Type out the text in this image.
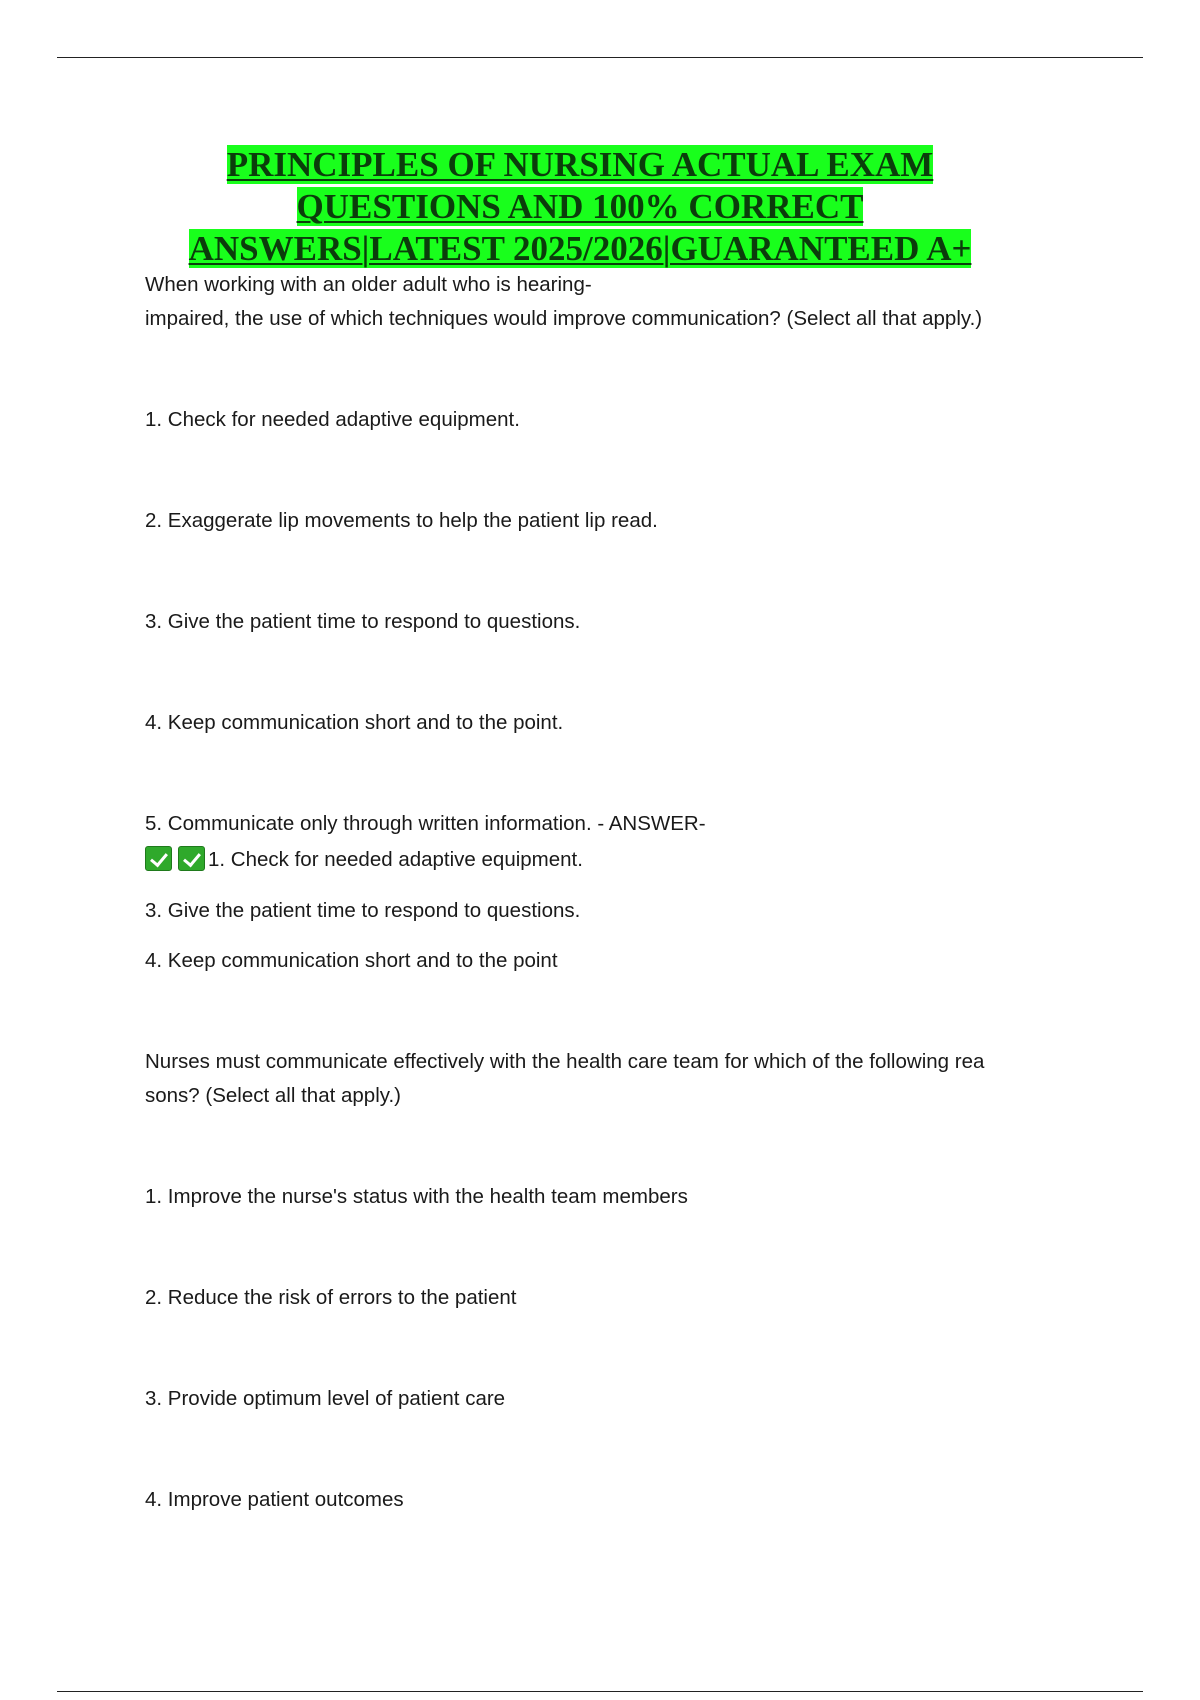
PRINCIPLES OF NURSING ACTUAL EXAM
QUESTIONS AND 100% CORRECT
ANSWERS|LATEST 2025/2026|GUARANTEED A+
When working with an older adult who is hearing-
impaired, the use of which techniques would improve communication? (Select all that apply.)
1. Check for needed adaptive equipment.
2. Exaggerate lip movements to help the patient lip read.
3. Give the patient time to respond to questions.
4. Keep communication short and to the point.
5. Communicate only through written information. - ANSWER-
1. Check for needed adaptive equipment.
3. Give the patient time to respond to questions.
4. Keep communication short and to the point
Nurses must communicate effectively with the health care team for which of the following rea
sons? (Select all that apply.)
1. Improve the nurse's status with the health team members
2. Reduce the risk of errors to the patient
3. Provide optimum level of patient care
4. Improve patient outcomes
